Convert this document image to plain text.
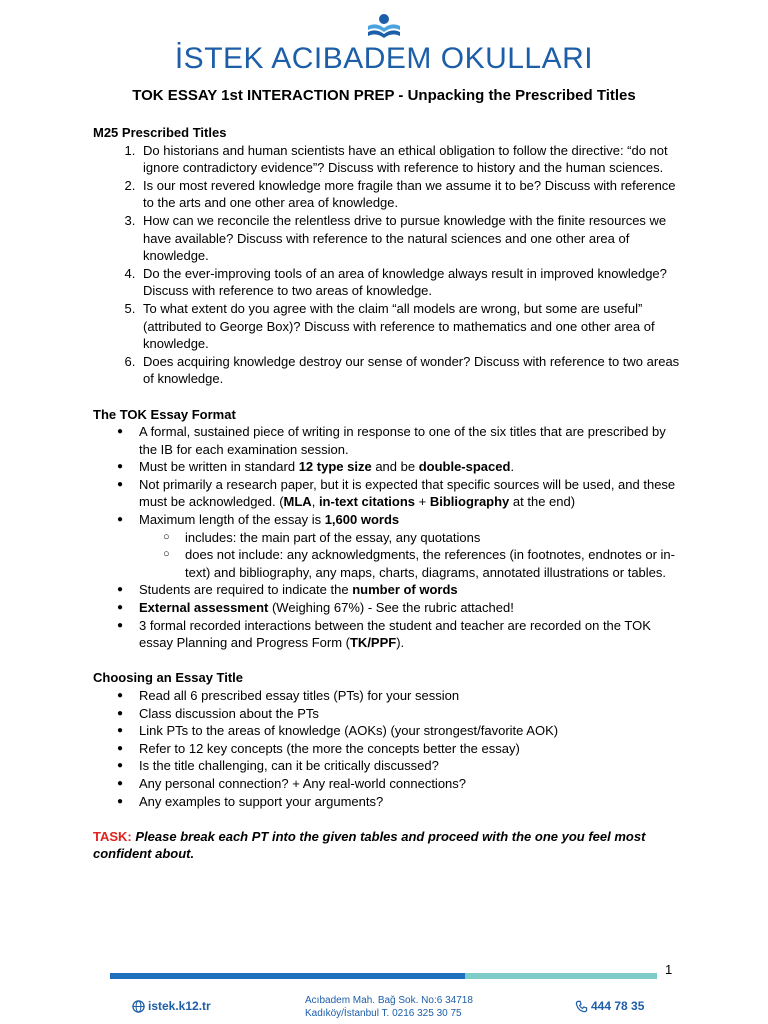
İSTEK ACIBADEM OKULLARI
TOK ESSAY 1st INTERACTION PREP - Unpacking the Prescribed Titles

M25 Prescribed Titles

1. Do historians and human scientists have an ethical obligation to follow the directive: “do not ignore contradictory evidence”? Discuss with reference to history and the human sciences.
2. Is our most revered knowledge more fragile than we assume it to be? Discuss with reference to the arts and one other area of knowledge.
3. How can we reconcile the relentless drive to pursue knowledge with the finite resources we have available? Discuss with reference to the natural sciences and one other area of knowledge.
4. Do the ever-improving tools of an area of knowledge always result in improved knowledge? Discuss with reference to two areas of knowledge.
5. To what extent do you agree with the claim “all models are wrong, but some are useful” (attributed to George Box)? Discuss with reference to mathematics and one other area of knowledge.
6. Does acquiring knowledge destroy our sense of wonder? Discuss with reference to two areas of knowledge.

The TOK Essay Format

● A formal, sustained piece of writing in response to one of the six titles that are prescribed by the IB for each examination session.
● Must be written in standard 12 type size and be double-spaced.
● Not primarily a research paper, but it is expected that specific sources will be used, and these must be acknowledged. (MLA, in-text citations + Bibliography at the end)
● Maximum length of the essay is 1,600 words
○ includes: the main part of the essay, any quotations
○ does not include: any acknowledgments, the references (in footnotes, endnotes or in-text) and bibliography, any maps, charts, diagrams, annotated illustrations or tables.
● Students are required to indicate the number of words
● External assessment (Weighing 67%) - See the rubric attached!
● 3 formal recorded interactions between the student and teacher are recorded on the TOK essay Planning and Progress Form (TK/PPF).

Choosing an Essay Title

● Read all 6 prescribed essay titles (PTs) for your session
● Class discussion about the PTs
● Link PTs to the areas of knowledge (AOKs) (your strongest/favorite AOK)
● Refer to 12 key concepts (the more the concepts better the essay)
● Is the title challenging, can it be critically discussed?
● Any personal connection? + Any real-world connections?
● Any examples to support your arguments?

TASK: Please break each PT into the given tables and proceed with the one you feel most confident about.

1
istek.k12.tr	Acıbadem Mah. Bağ Sok. No:6 34718
Kadıköy/İstanbul T. 0216 325 30 75
444 78 35
